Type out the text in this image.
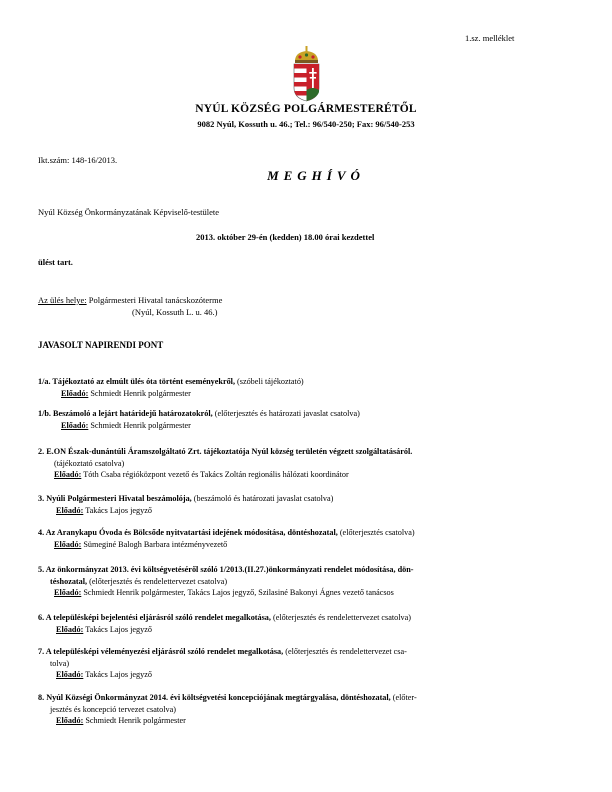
1.sz. melléklet
NYÚL KÖZSÉG POLGÁRMESTERÉTŐL
9082 Nyúl, Kossuth u. 46.; Tel.: 96/540-250; Fax: 96/540-253
Ikt.szám: 148-16/2013.
MEGHÍVÓ
Nyúl Község Önkormányzatának Képviselő-testülete
2013. október 29-én (kedden) 18.00 órai kezdettel
ülést tart.
Az ülés helye: Polgármesteri Hivatal tanácskozóterme
(Nyúl, Kossuth L. u. 46.)
JAVASOLT NAPIRENDI PONT
1/a. Tájékoztató az elmúlt ülés óta történt eseményekről, (szóbeli tájékoztató)
Előadó: Schmiedt Henrik polgármester
1/b. Beszámoló a lejárt határidejű határozatokról, (előterjesztés és határozati javaslat csatolva)
Előadó: Schmiedt Henrik polgármester
2. E.ON Észak-dunántúli Áramszolgáltató Zrt. tájékoztatója Nyúl község területén végzett szolgáltatásáról.
(tájékoztató csatolva)
Előadó: Tóth Csaba régióközpont vezető és Takács Zoltán regionális hálózati koordinátor
3. Nyúli Polgármesteri Hivatal beszámolója, (beszámoló és határozati javaslat csatolva)
Előadó: Takács Lajos jegyző
4. Az Aranykapu Óvoda és Bölcsőde nyitvatartási idejének módosítása, döntéshozatal, (előterjesztés csatolva)
Előadó: Sümeginé Balogh Barbara intézményvezető
5. Az önkormányzat 2013. évi költségvetéséről szóló 1/2013.(II.27.)önkormányzati rendelet módosítása, dön-
téshozatal, (előterjesztés és rendelettervezet csatolva)
Előadó: Schmiedt Henrik polgármester, Takács Lajos jegyző, Szilasiné Bakonyi Ágnes vezető tanácsos
6. A településképi bejelentési eljárásról szóló rendelet megalkotása, (előterjesztés és rendelettervezet csatolva)
Előadó: Takács Lajos jegyző
7. A településképi véleményezési eljárásról szóló rendelet megalkotása, (előterjesztés és rendelettervezet csa-
tolva)
Előadó: Takács Lajos jegyző
8. Nyúl Községi Önkormányzat 2014. évi költségvetési koncepciójának megtárgyalása, döntéshozatal, (előter-
jesztés és koncepció tervezet csatolva)
Előadó: Schmiedt Henrik polgármester
